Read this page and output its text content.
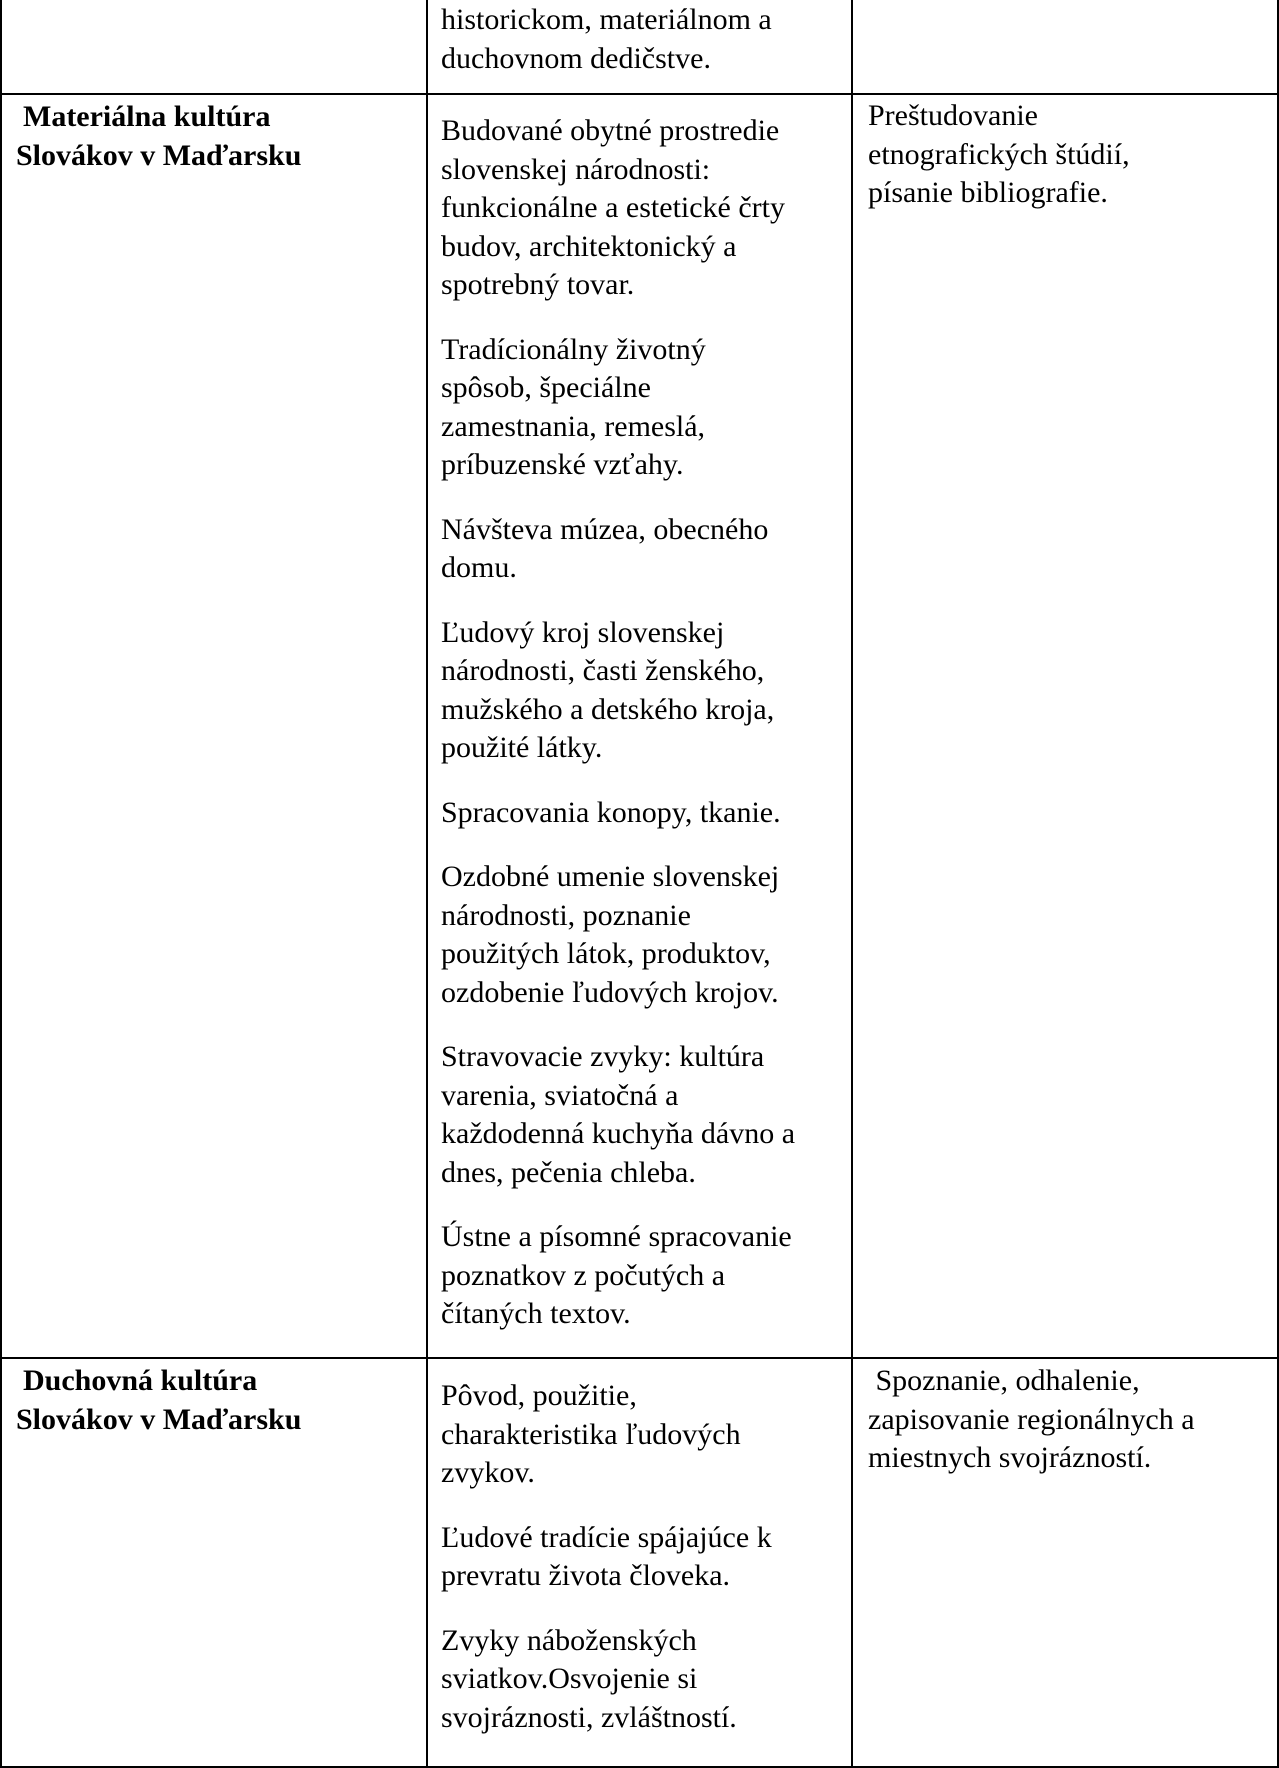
historickom, materiálnom a

duchovnom dedičstve.

Materiálna kultúra

Slovákov v Maďarsku

Budované obytné prostredie

slovenskej národnosti:

funkcionálne a estetické črty

budov, architektonický a

spotrebný tovar.

Tradícionálny životný

spôsob, špeciálne

zamestnania, remeslá,

príbuzenské vzťahy.

Návšteva múzea, obecného

domu.

Ľudový kroj slovenskej

národnosti, časti ženského,

mužského a detského kroja,

použité látky.

Spracovania konopy, tkanie.

Ozdobné umenie slovenskej

národnosti, poznanie

použitých látok, produktov,

ozdobenie ľudových krojov.

Stravovacie zvyky: kultúra

varenia, sviatočná a

každodenná kuchyňa dávno a

dnes, pečenia chleba.

Ústne a písomné spracovanie

poznatkov z počutých a

čítaných textov.

Preštudovanie

etnografických štúdií,

písanie bibliografie.

Duchovná kultúra

Slovákov v Maďarsku

Pôvod, použitie,

charakteristika ľudových

zvykov.

Ľudové tradície spájajúce k

prevratu života človeka.

Zvyky náboženských

sviatkov.Osvojenie si

svojráznosti, zvláštností.

Spoznanie, odhalenie,

zapisovanie regionálnych a

miestnych svojrázností.
